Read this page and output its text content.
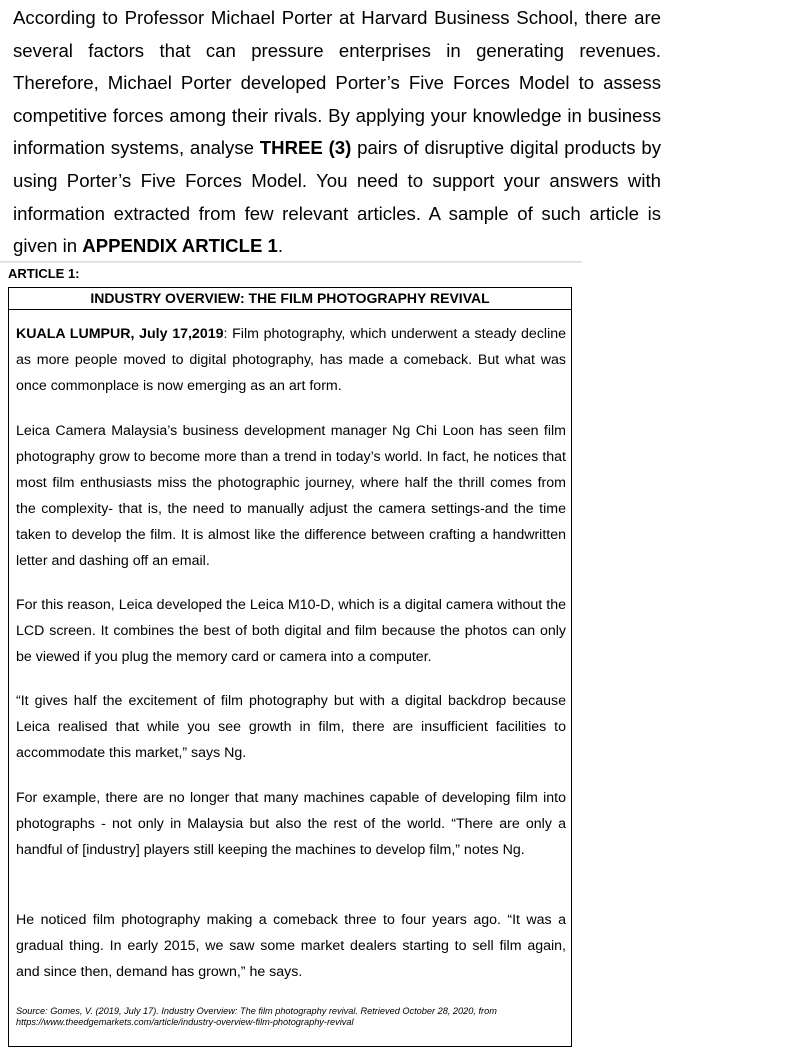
According to Professor Michael Porter at Harvard Business School, there are several factors that can pressure enterprises in generating revenues. Therefore, Michael Porter developed Porter’s Five Forces Model to assess competitive forces among their rivals. By applying your knowledge in business information systems, analyse THREE (3) pairs of disruptive digital products by using Porter’s Five Forces Model. You need to support your answers with information extracted from few relevant articles. A sample of such article is given in APPENDIX ARTICLE 1.

ARTICLE 1:

INDUSTRY OVERVIEW: THE FILM PHOTOGRAPHY REVIVAL

KUALA LUMPUR, July 17,2019: Film photography, which underwent a steady decline as more people moved to digital photography, has made a comeback. But what was once commonplace is now emerging as an art form.

Leica Camera Malaysia’s business development manager Ng Chi Loon has seen film photography grow to become more than a trend in today’s world. In fact, he notices that most film enthusiasts miss the photographic journey, where half the thrill comes from the complexity- that is, the need to manually adjust the camera settings-and the time taken to develop the film. It is almost like the difference between crafting a handwritten letter and dashing off an email.

For this reason, Leica developed the Leica M10-D, which is a digital camera without the LCD screen. It combines the best of both digital and film because the photos can only be viewed if you plug the memory card or camera into a computer.

“It gives half the excitement of film photography but with a digital backdrop because Leica realised that while you see growth in film, there are insufficient facilities to accommodate this market,” says Ng.

For example, there are no longer that many machines capable of developing film into photographs - not only in Malaysia but also the rest of the world. “There are only a handful of [industry] players still keeping the machines to develop film,” notes Ng.

He noticed film photography making a comeback three to four years ago. “It was a gradual thing. In early 2015, we saw some market dealers starting to sell film again, and since then, demand has grown,” he says.

Source: Gomes, V. (2019, July 17). Industry Overview: The film photography revival. Retrieved October 28, 2020, from https://www.theedgemarkets.com/article/industry-overview-film-photography-revival
